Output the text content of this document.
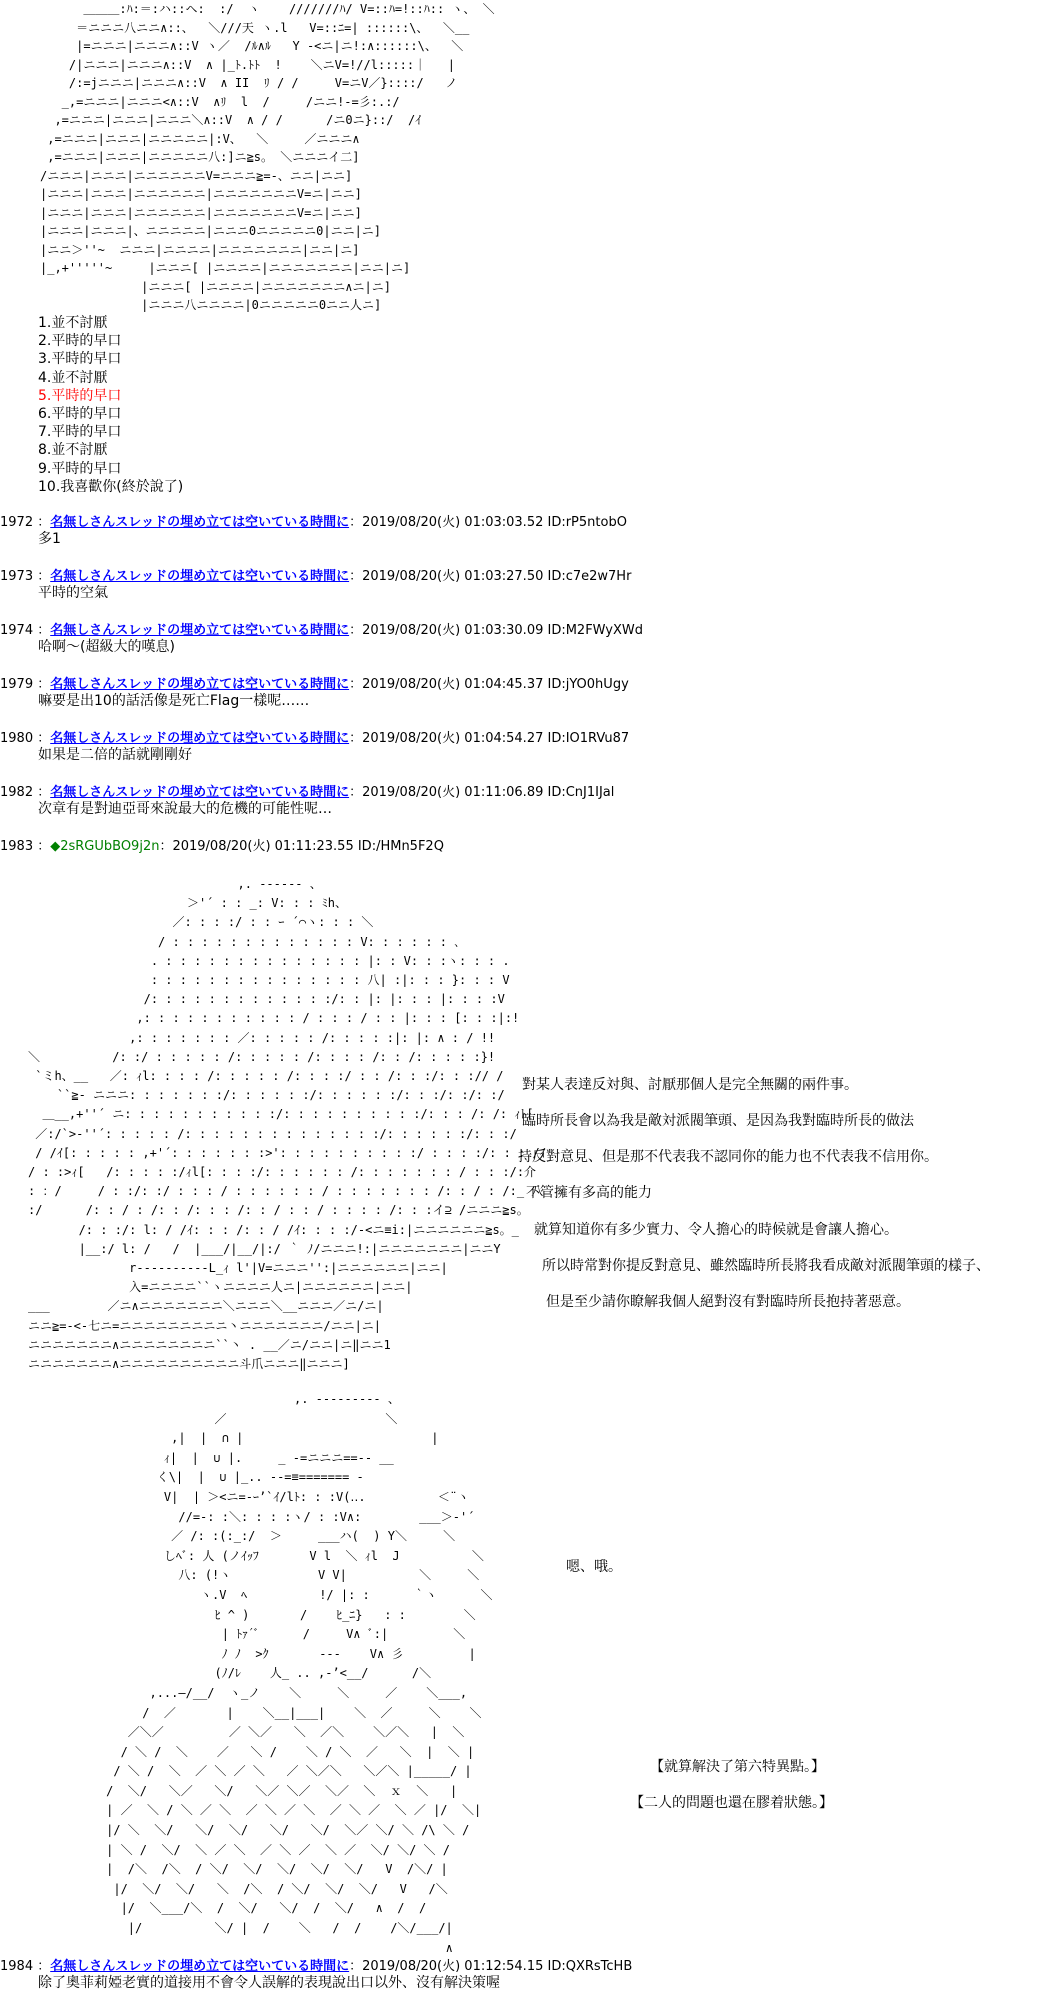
＿＿＿:ﾊ:＝:ハ::ヘ:  :/  ヽ    ///////ﾊ/ V=::ﾊ=!::ﾊ:: ヽ、 ＼
＝ニニニ八ニニ∧::、  ＼///天 ヽ.l   V=::ﾆ=| ::::::\、  ＼__
|=ニニニ|ニニニ∧::V ヽ／  /ﾙ∧ﾙ   Y -<ニ|ニ!:∧::::::\、  ＼
/|ニニニ|ニニニ∧::V  ∧ |_ﾄ.ﾄﾄ  !    ＼ニV=!//l:::::｜   |
/:=jニニニ|ニニニ∧::V  ∧ II  ﾘ / /     V=ニV／}::::/   ノ
_,=ニニニ|ニニニ<∧::V  ∧ﾘ  l  /     /ニニ!-=彡:.:/
,=ニニニ|ニニニ|ニニニ＼∧::V  ∧ / /      /ニ0ニ}::/  /ｲ
,=ニニニ|ニニニ|ニニニニニ|:V、  ＼     ／ニニニ∧
,=ニニニ|ニニニ|ニニニニニ八:]ニ≧s。 ＼ニニニイ二]
/ニニニ|ニニニ|ニニニニニニV=ニニニ≧=-、ニニ|ニニ]
|ニニニ|ニニニ|ニニニニニニ|ニニニニニニニV=ニ|ニニ]
|ニニニ|ニニニ|ニニニニニニ|ニニニニニニニV=ニ|ニニ]
|ニニニ|ニニニ|、ニニニニニ|ニニニ0ニニニニニ0|ニニ|ニ]
|ニニ＞''~  ニニニ|ニニニニ|ニニニニニニニ|ニニ|ニ]
|_,+'''''~     |ニニニ[ |ニニニニ|ニニニニニニニ|ニニ|ニ]
|ニニニ[ |ニニニニ|ニニニニニニニ∧ニ|ニ]
|ニニニ八ニニニニ|0ニニニニニ0ニニ人ニ]
1.並不討厭
2.平時的早口
3.平時的早口
4.並不討厭
5.平時的早口
6.平時的早口
7.平時的早口
8.並不討厭
9.平時的早口
10.我喜歡你(終於說了)
1972 ：名無しさんスレッドの埋め立ては空いている時間に：2019/08/20(火) 01:03:03.52 ID:rP5ntobO
多1
1973 ：名無しさんスレッドの埋め立ては空いている時間に：2019/08/20(火) 01:03:27.50 ID:c7e2w7Hr
平時的空氣
1974 ：名無しさんスレッドの埋め立ては空いている時間に：2019/08/20(火) 01:03:30.09 ID:M2FWyXWd
哈啊～(超級大的嘆息)
1979 ：名無しさんスレッドの埋め立ては空いている時間に：2019/08/20(火) 01:04:45.37 ID:jYO0hUgy
嘛要是出10的話活像是死亡Flag一樣呢……
1980 ：名無しさんスレッドの埋め立ては空いている時間に：2019/08/20(火) 01:04:54.27 ID:IO1RVu87
如果是二倍的話就剛剛好
1982 ：名無しさんスレッドの埋め立ては空いている時間に：2019/08/20(火) 01:11:06.89 ID:CnJ1IJal
次章有是對迪亞哥來說最大的危機的可能性呢…
1983 ：◆2sRGUbBO9j2n：2019/08/20(火) 01:11:23.55 ID:/HMn5F2Q
,. -‐‐‐‐- 、
＞'´ : : _: V: : : ﾐh、
／: : : :/ : : ｰ ´⌒ヽ: : : ＼
/ : : : : : : : : : : : : : V: : : : : : ､
. : : : : : : : : : : : : : : |: : V: : :ヽ: : : .
: : : : : : : : : : : : : : : 八| :|: : : }: : : V
/: : : : : : : : : : : : :/: : |: |: : : |: : : :V
,: : : : : : : : : : : / : : : / : : |: : : [: : :|:!
,: : : : : : : ／: : : : : /: : : : :|: |: ∧ : / !!
＼          /: :/ : : : : : /: : : : : /: : : : /: : /: : : : :}!
`ミh、__   ／: ｨl: : : : /: : : : : /: : : :/ : : /: : :/: : :// /
``≧- ニニニ: : : : : : :/: : : : : :/: : : : : :/: : :/: :/: :/
＿__,+''´ ニ: : : : : : : : : : :/: : : : : : : : : :/: : : /: /: ｨﾄ[
／:/`>-''´: : : : : /: : : : : : : : : : : : : :/: : : : : :/: : :/
/ /ｲ[: : : : : ,+'´: : : : : : :>': : : : : : : : : :/ : : : :/: : : /ｲ
/ : :>ｨ[   /: : : : :/ｨl[: : : :/: : : : : : /: : : : : : : / : : :/:介
: ：/     / : :/: :/ : : : / : : : : : : / : : : : : : : /: : / : /:_ 八
:/      /: : / : /: : /: : : /: : / : : / : : : : /: : :イ⊇ /ニニニ≧s。
/: : :/: l: / /ｲ: : : /: : / /ｲ: : : :/-<ニ≡i:|ニニニニニニ≧s。_
|__:/ l: /   /  |___/|__/|:/ ｀ ﾉ/ニニニ!:|ニニニニニニニ|ニニY
r‐‐‐‐‐‐‐‐--L_ｨ l'|V=ニニニ'':|ニニニニニニ|ニニ|
入=ニニニニ``ヽニニニニ人ニ|ニニニニニニ|ニニ|
___        ／ニ∧ニニニニニニニ＼ニニニ＼__ニニニ／ニ/ニ|
ニニ≧=-<-七ニ=ニニニニニニニニニ丶ニニニニニニニ/ニニ|ニ|
ニニニニニニニ∧ニニニニニニニニ``丶 . __／ニ/ニニ|ニ‖ニニ1
ニニニニニニニ∧ニニニニニニニニニニ斗爪ニニニ‖ニニニ]
對某人表達反対與、討厭那個人是完全無關的兩件事。
臨時所長會以為我是敵対派閥筆頭、是因為我對臨時所長的做法
持反對意見、但是那不代表我不認同你的能力也不代表我不信用你。
不管擁有多高的能力
就算知道你有多少實力、令人擔心的時候就是會讓人擔心。
所以時常對你提反對意見、雖然臨時所長將我看成敵対派閥筆頭的樣子、
但是至少請你瞭解我個人絕對沒有對臨時所長抱持著惡意。
,. -‐‐‐‐‐‐‐- 、
／                      ＼
,|  |  ∩ |                          |
ｨ|  |  ∪ |.     _ -=ニニニ==-- __
く\|  |  ∪ |_.. --=≡======= -
V|  | ＞<ニ=-ｰ’`ｲ/lﾄ: : :V(‥.          ＜¨ヽ
//=-: :＼: : : :ヽ/ : :V∧:        ___＞-'´
／ /: :(:_:/  ＞     ___ハ(  ) Y＼     ＼
しﾍﾞ: 人 (ノｲｯﾌ       V l  ＼ ｨl  J          ＼
八: (!ヽ            V V|          ＼     ＼
ヽ.V  ﾍ          !/ |: :      ｀ヽ      ＼
ﾋ ^ )       /    ﾋ_ﾆ}   : :        ＼
| ﾄｧ´ﾞ      /     V∧ ﾞ:|         ＼
ﾉ ﾉ  >ｸ       ---    V∧ 彡         |
(ﾉ/ﾚ    人_ .. ,-’<__/      /＼
,...—/__/  ヽ_ノ    ＼     ＼     ／    ＼___,
/  ／       |    ＼__|___|    ＼  ／     ＼    ＼
／＼／         ／ ＼／   ＼  ／＼    ＼／＼   |  ＼
/ ＼ /  ＼    ／   ＼ /    ＼ / ＼  ／   ＼  |  ＼ |
/ ＼ /  ＼  ／ ＼ ／ ＼   ／ ＼／＼   ＼／＼ |_____/ |
/  ＼/   ＼／   ＼/   ＼／ ＼／  ＼／  ＼  ｘ  ＼   |
| ／  ＼ / ＼ ／ ＼  ／ ＼ ／ ＼  ／ ＼ ／  ＼ ／ |/  ＼|
|/ ＼  ＼/   ＼/  ＼/   ＼/   ＼/  ＼／ ＼/ ＼ /\ ＼ /
| ＼ /  ＼/  ＼ ／ ＼  ／ ＼ ／  ＼ ／  ＼/ ＼/ ＼ /
|  /＼  /＼  / ＼/  ＼/  ＼/  ＼/  ＼/   V  /＼/ |
|/  ＼/  ＼/   ＼  /＼  / ＼/  ＼/  ＼/   V   /＼
|/  ＼___/＼  /  ＼/   ＼/  /  ＼/   ∧  /  /
|/          ＼/ |  /    ＼   /  /    /＼/___/|
∧
嗯、哦。
【就算解決了第六特異點。】
【二人的問題也還在膠着狀態。】
1984 ：名無しさんスレッドの埋め立ては空いている時間に：2019/08/20(火) 01:12:54.15 ID:QXRsTcHB
除了奧菲莉婭老實的道接用不會令人誤解的表現說出口以外、沒有解決策喔
